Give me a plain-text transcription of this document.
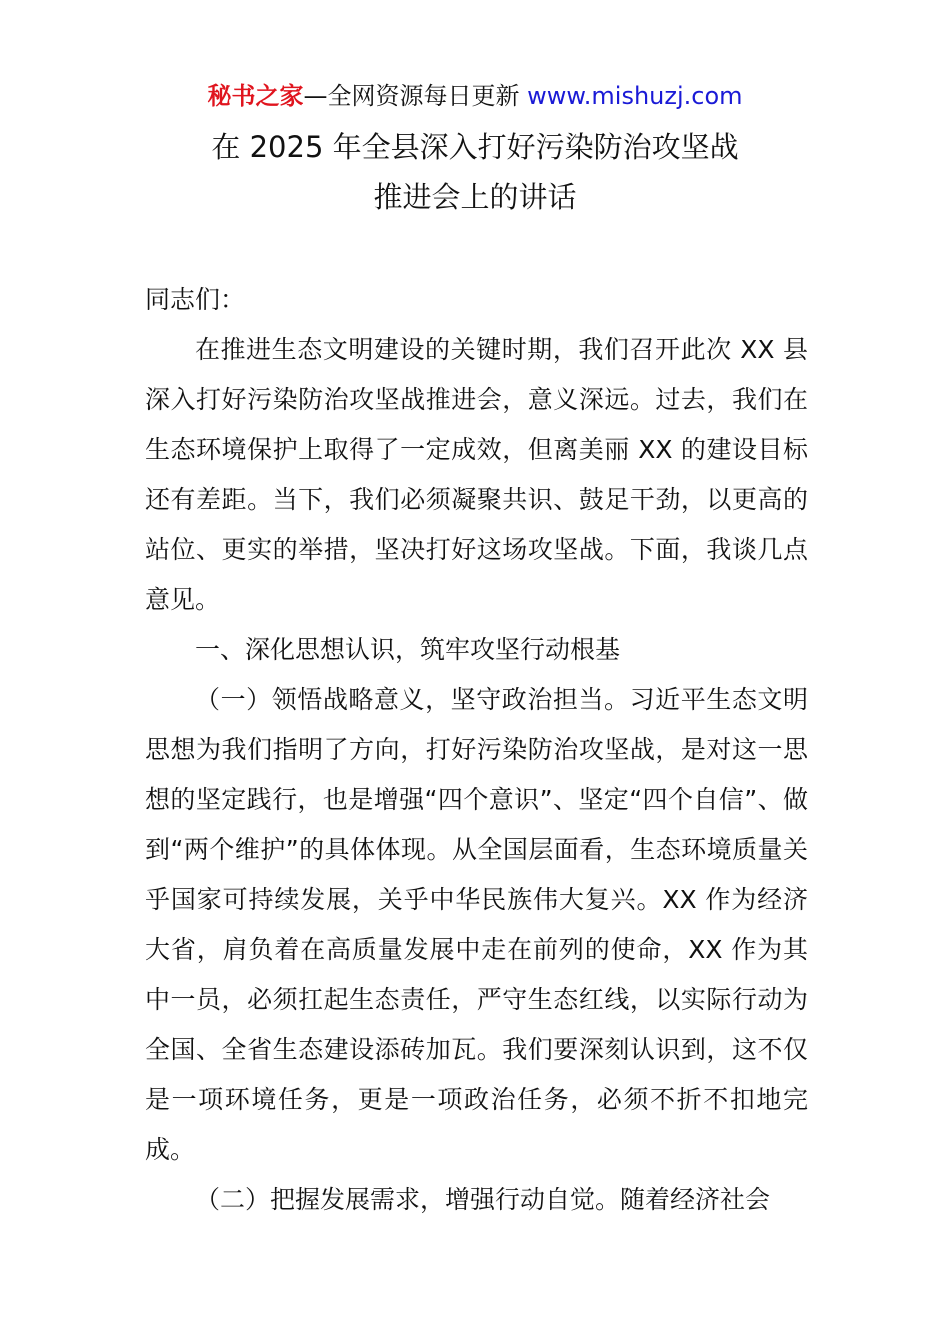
秘书之家—全网资源每日更新 www.mishuzj.com
在 2025 年全县深入打好污染防治攻坚战
推进会上的讲话

同志们：

在推进生态文明建设的关键时期，我们召开此次 XX 县深入打好污染防治攻坚战推进会，意义深远。过去，我们在生态环境保护上取得了一定成效，但离美丽 XX 的建设目标还有差距。当下，我们必须凝聚共识、鼓足干劲，以更高的站位、更实的举措，坚决打好这场攻坚战。下面，我谈几点意见。

一、深化思想认识，筑牢攻坚行动根基

（一）领悟战略意义，坚守政治担当。习近平生态文明思想为我们指明了方向，打好污染防治攻坚战，是对这一思想的坚定践行，也是增强“四个意识”、坚定“四个自信”、做到“两个维护”的具体体现。从全国层面看，生态环境质量关乎国家可持续发展，关乎中华民族伟大复兴。XX 作为经济大省，肩负着在高质量发展中走在前列的使命，XX 作为其中一员，必须扛起生态责任，严守生态红线，以实际行动为全国、全省生态建设添砖加瓦。我们要深刻认识到，这不仅是一项环境任务，更是一项政治任务，必须不折不扣地完成。

（二）把握发展需求，增强行动自觉。随着经济社会
